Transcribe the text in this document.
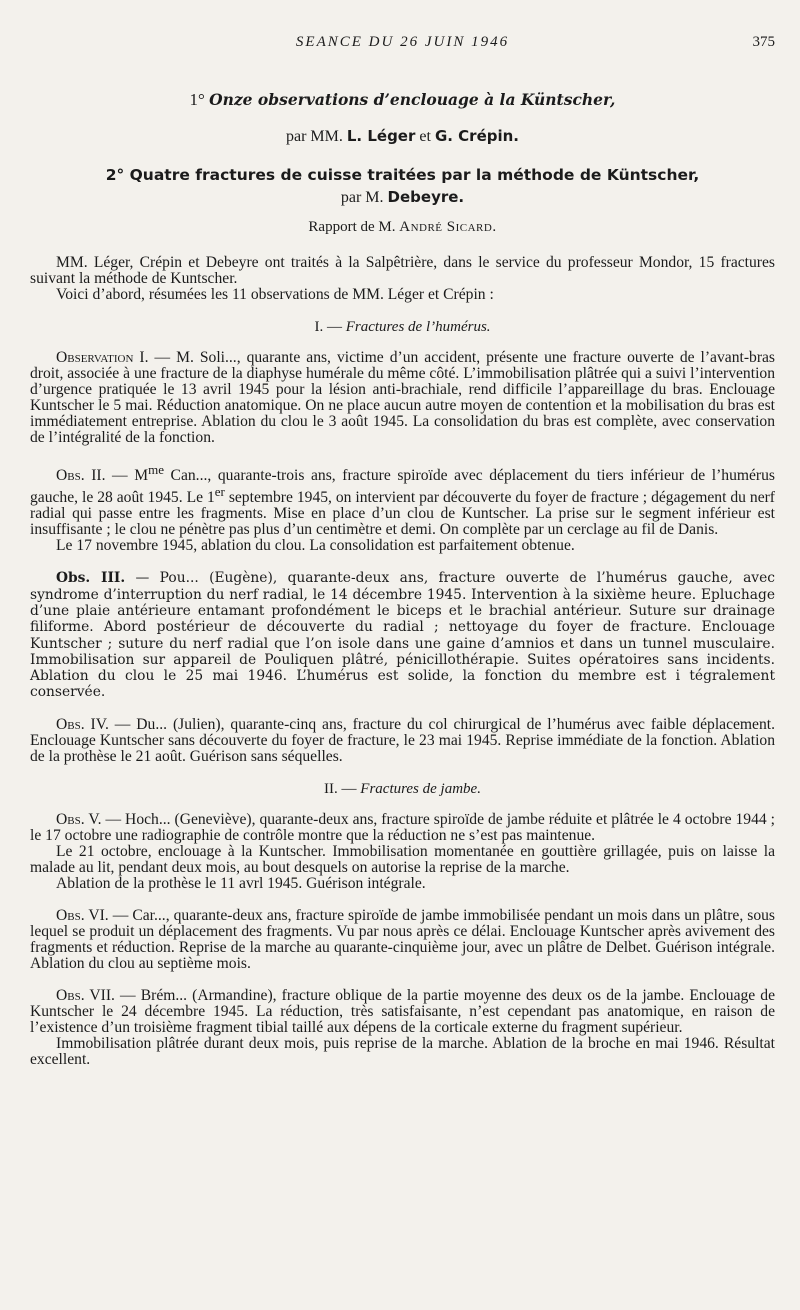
SEANCE DU 26 JUIN 1946	375
1° Onze observations d’enclouage à la Küntscher,
par MM. L. Léger et G. Crépin.
2° Quatre fractures de cuisse traitées par la méthode de Küntscher,
par M. Debeyre.
Rapport de M. André Sicard.

MM. Léger, Crépin et Debeyre ont traités à la Salpêtrière, dans le service du professeur Mondor, 15 fractures suivant la méthode de Kuntscher.

Voici d’abord, résumées les 11 observations de MM. Léger et Crépin :

I. — Fractures de l’humérus.

Observation I. — M. Soli..., quarante ans, victime d’un accident, présente une fracture ouverte de l’avant-bras droit, associée à une fracture de la diaphyse humérale du même côté. L’immobilisation plâtrée qui a suivi l’intervention d’urgence pratiquée le 13 avril 1945 pour la lésion anti-brachiale, rend difficile l’appareillage du bras. Enclouage Kuntscher le 5 mai. Réduction anatomique. On ne place aucun autre moyen de contention et la mobilisation du bras est immédiatement entreprise. Ablation du clou le 3 août 1945. La consolidation du bras est complète, avec conservation de l’intégralité de la fonction.

Obs. II. — $M^{me}$ Can..., quarante-trois ans, fracture spiroïde avec déplacement du tiers inférieur de l’humérus gauche, le 28 août 1945. Le 1er septembre 1945, on intervient par découverte du foyer de fracture ; dégagement du nerf radial qui passe entre les fragments. Mise en place d’un clou de Kuntscher. La prise sur le segment inférieur est insuffisante ; le clou ne pénètre pas plus d’un centimètre et demi. On complète par un cerclage au fil de Danis.

Le 17 novembre 1945, ablation du clou. La consolidation est parfaitement obtenue.

Obs. III. — Pou... (Eugène), quarante-deux ans, fracture ouverte de l’humérus gauche, avec syndrome d’interruption du nerf radial, le 14 décembre 1945. Intervention à la sixième heure. Epluchage d’une plaie antérieure entamant profondément le biceps et le brachial antérieur. Suture sur drainage filiforme. Abord postérieur de découverte du radial ; nettoyage du foyer de fracture. Enclouage Kuntscher ; suture du nerf radial que l’on isole dans une gaine d’amnios et dans un tunnel musculaire. Immobilisation sur appareil de Pouliquen plâtré, pénicillothérapie. Suites opératoires sans incidents. Ablation du clou le 25 mai 1946. L’humérus est solide, la fonction du membre est i tégralement conservée.

Obs. IV. — Du... (Julien), quarante-cinq ans, fracture du col chirurgical de l’humérus avec faible déplacement. Enclouage Kuntscher sans découverte du foyer de fracture, le 23 mai 1945. Reprise immédiate de la fonction. Ablation de la prothèse le 21 août. Guérison sans séquelles.

II. — Fractures de jambe.

Obs. V. — Hoch... (Geneviève), quarante-deux ans, fracture spiroïde de jambe réduite et plâtrée le 4 octobre 1944 ; le 17 octobre une radiographie de contrôle montre que la réduction ne s’est pas maintenue.

Le 21 octobre, enclouage à la Kuntscher. Immobilisation momentanée en gouttière grillagée, puis on laisse la malade au lit, pendant deux mois, au bout desquels on autorise la reprise de la marche.

Ablation de la prothèse le 11 avrl 1945. Guérison intégrale.

Obs. VI. — Car..., quarante-deux ans, fracture spiroïde de jambe immobilisée pendant un mois dans un plâtre, sous lequel se produit un déplacement des fragments. Vu par nous après ce délai. Enclouage Kuntscher après avivement des fragments et réduction. Reprise de la marche au quarante-cinquième jour, avec un plâtre de Delbet. Guérison intégrale. Ablation du clou au septième mois.

Obs. VII. — Brém... (Armandine), fracture oblique de la partie moyenne des deux os de la jambe. Enclouage de Kuntscher le 24 décembre 1945. La réduction, très satisfaisante, n’est cependant pas anatomique, en raison de l’existence d’un troisième fragment tibial taillé aux dépens de la corticale externe du fragment supérieur.

Immobilisation plâtrée durant deux mois, puis reprise de la marche. Ablation de la broche en mai 1946. Résultat excellent.
